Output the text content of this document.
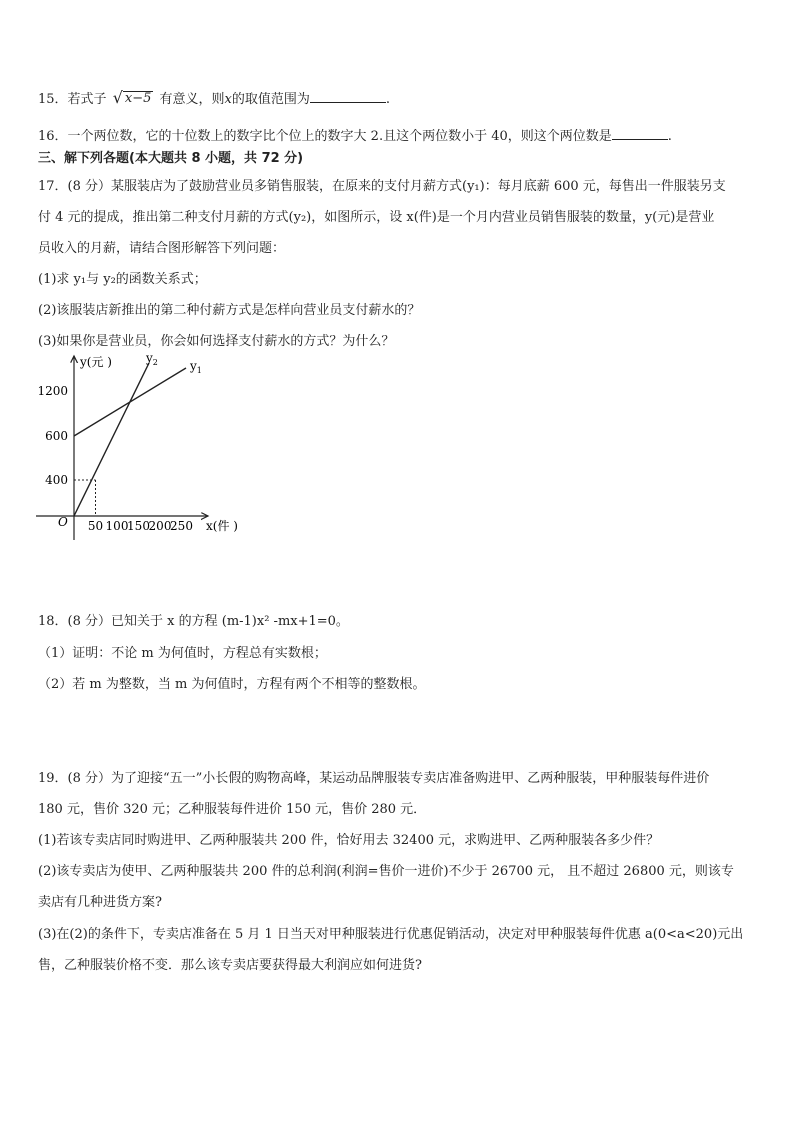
15．若式子 √ x−5 有意义，则x的取值范围为	.
16．一个两位数，它的十位数上的数字比个位上的数字大 2.且这个两位数小于 40，则这个两位数是	.
三、解下列各题(本大题共 8 小题，共 72 分)
17．(8 分）某服装店为了鼓励营业员多销售服装，在原来的支付月薪方式(y₁)：每月底薪 600 元，每售出一件服装另支
付 4 元的提成，推出第二种支付月薪的方式(y₂)，如图所示，设 x(件)是一个月内营业员销售服装的数量，y(元)是营业
员收入的月薪，请结合图形解答下列问题：
(1)求 y₁与 y₂的函数关系式；
(2)该服装店新推出的第二种付薪方式是怎样向营业员支付薪水的？
(3)如果你是营业员，你会如何选择支付薪水的方式？为什么？
$y_1$
$y_2$
50 100
150
200
250
400
600
1200
O
y(元 )
x(件 )
18．(8 分）已知关于 x 的方程 (m-1)x² -mx+1=0。
（1）证明：不论 m 为何值时，方程总有实数根；
（2）若 m 为整数，当 m 为何值时，方程有两个不相等的整数根。
19．(8 分）为了迎接“五一”小长假的购物高峰，某运动品牌服装专卖店准备购进甲、乙两种服装，甲种服装每件进价
180 元，售价 320 元；乙种服装每件进价 150 元，售价 280 元．
(1)若该专卖店同时购进甲、乙两种服装共 200 件，恰好用去 32400 元，求购进甲、乙两种服装各多少件？
(2)该专卖店为使甲、乙两种服装共 200 件的总利润(利润=售价一进价)不少于 26700 元， 且不超过 26800 元，则该专
卖店有几种进货方案?
(3)在(2)的条件下，专卖店准备在 5 月 1 日当天对甲种服装进行优惠促销活动，决定对甲种服装每件优惠 a(0<a<20)元出
售，乙种服装价格不变．那么该专卖店要获得最大利润应如何进货?
